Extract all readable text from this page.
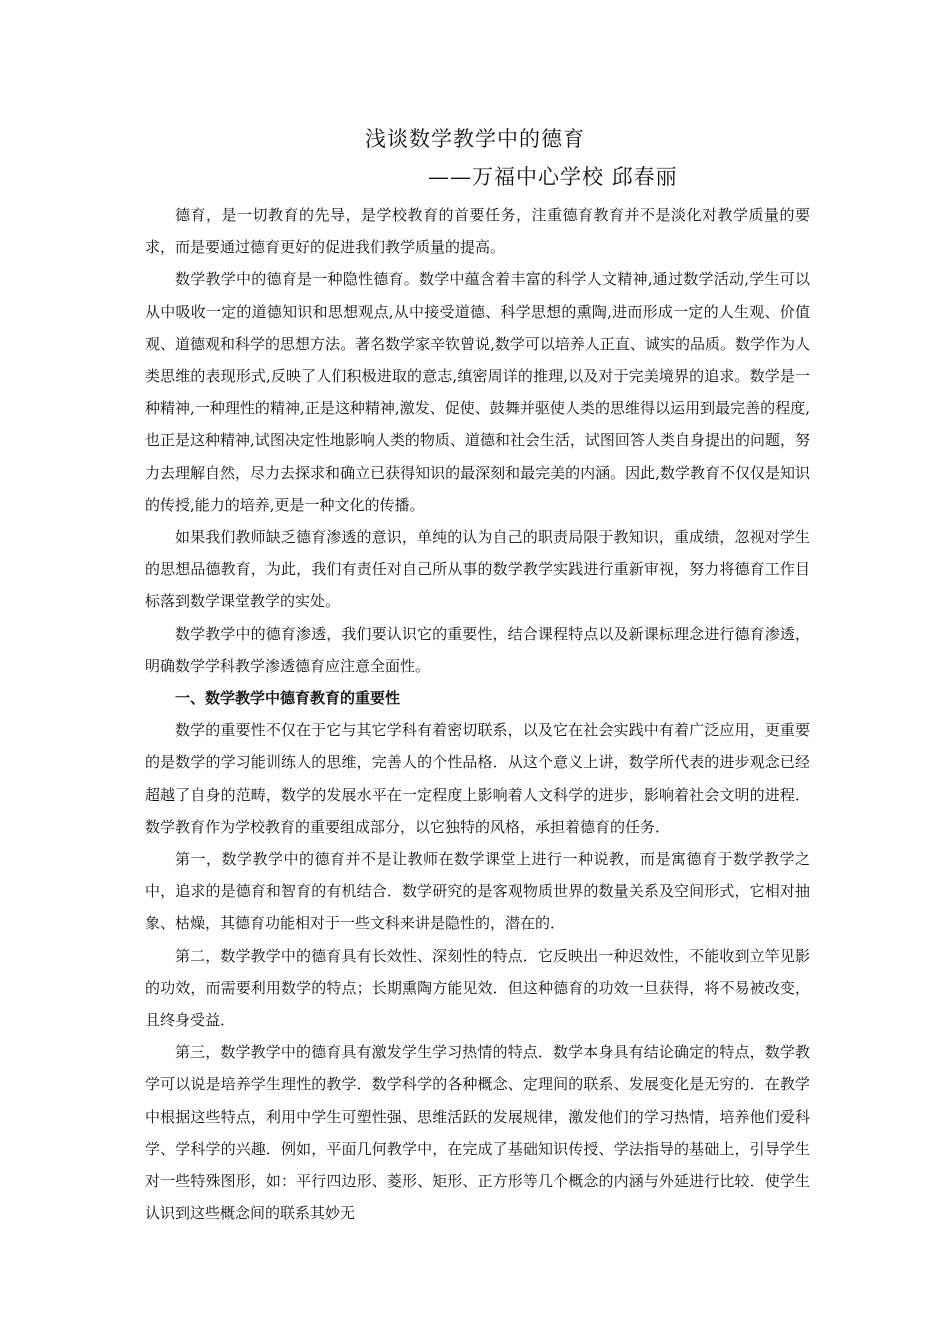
浅谈数学教学中的德育
——万福中心学校 邱春丽

德育，是一切教育的先导，是学校教育的首要任务，注重德育教育并不是淡化对教学质量的要求，而是要通过德育更好的促进我们教学质量的提高。

数学教学中的德育是一种隐性德育。数学中蕴含着丰富的科学人文精神,通过数学活动,学生可以从中吸收一定的道德知识和思想观点,从中接受道德、科学思想的熏陶,进而形成一定的人生观、价值观、道德观和科学的思想方法。著名数学家辛钦曾说,数学可以培养人正直、诚实的品质。数学作为人类思维的表现形式,反映了人们积极进取的意志,缜密周详的推理,以及对于完美境界的追求。数学是一种精神,一种理性的精神,正是这种精神,激发、促使、鼓舞并驱使人类的思维得以运用到最完善的程度,也正是这种精神,试图决定性地影响人类的物质、道德和社会生活，试图回答人类自身提出的问题，努力去理解自然，尽力去探求和确立已获得知识的最深刻和最完美的内涵。因此,数学教育不仅仅是知识的传授,能力的培养,更是一种文化的传播。

如果我们教师缺乏德育渗透的意识，单纯的认为自己的职责局限于教知识，重成绩，忽视对学生的思想品德教育，为此，我们有责任对自己所从事的数学教学实践进行重新审视，努力将德育工作目标落到数学课堂教学的实处。

数学教学中的德育渗透，我们要认识它的重要性，结合课程特点以及新课标理念进行德育渗透，明确数学学科教学渗透德育应注意全面性。

一、数学教学中德育教育的重要性

数学的重要性不仅在于它与其它学科有着密切联系，以及它在社会实践中有着广泛应用，更重要的是数学的学习能训练人的思维，完善人的个性品格．从这个意义上讲，数学所代表的进步观念已经超越了自身的范畴，数学的发展水平在一定程度上影响着人文科学的进步，影响着社会文明的进程．数学教育作为学校教育的重要组成部分，以它独特的风格，承担着德育的任务．

第一，数学教学中的德育并不是让教师在数学课堂上进行一种说教，而是寓德育于数学教学之中，追求的是德育和智育的有机结合．数学研究的是客观物质世界的数量关系及空间形式，它相对抽象、枯燥，其德育功能相对于一些文科来讲是隐性的，潜在的．

第二，数学教学中的德育具有长效性、深刻性的特点．它反映出一种迟效性，不能收到立竿见影的功效，而需要利用数学的特点；长期熏陶方能见效．但这种德育的功效一旦获得，将不易被改变，且终身受益．

第三，数学教学中的德育具有激发学生学习热情的特点．数学本身具有结论确定的特点，数学教学可以说是培养学生理性的教学．数学科学的各种概念、定理间的联系、发展变化是无穷的．在教学中根据这些特点，利用中学生可塑性强、思维活跃的发展规律，激发他们的学习热情，培养他们爱科学、学科学的兴趣．例如，平面几何教学中，在完成了基础知识传授、学法指导的基础上，引导学生对一些特殊图形，如：平行四边形、菱形、矩形、正方形等几个概念的内涵与外延进行比较．使学生认识到这些概念间的联系其妙无
